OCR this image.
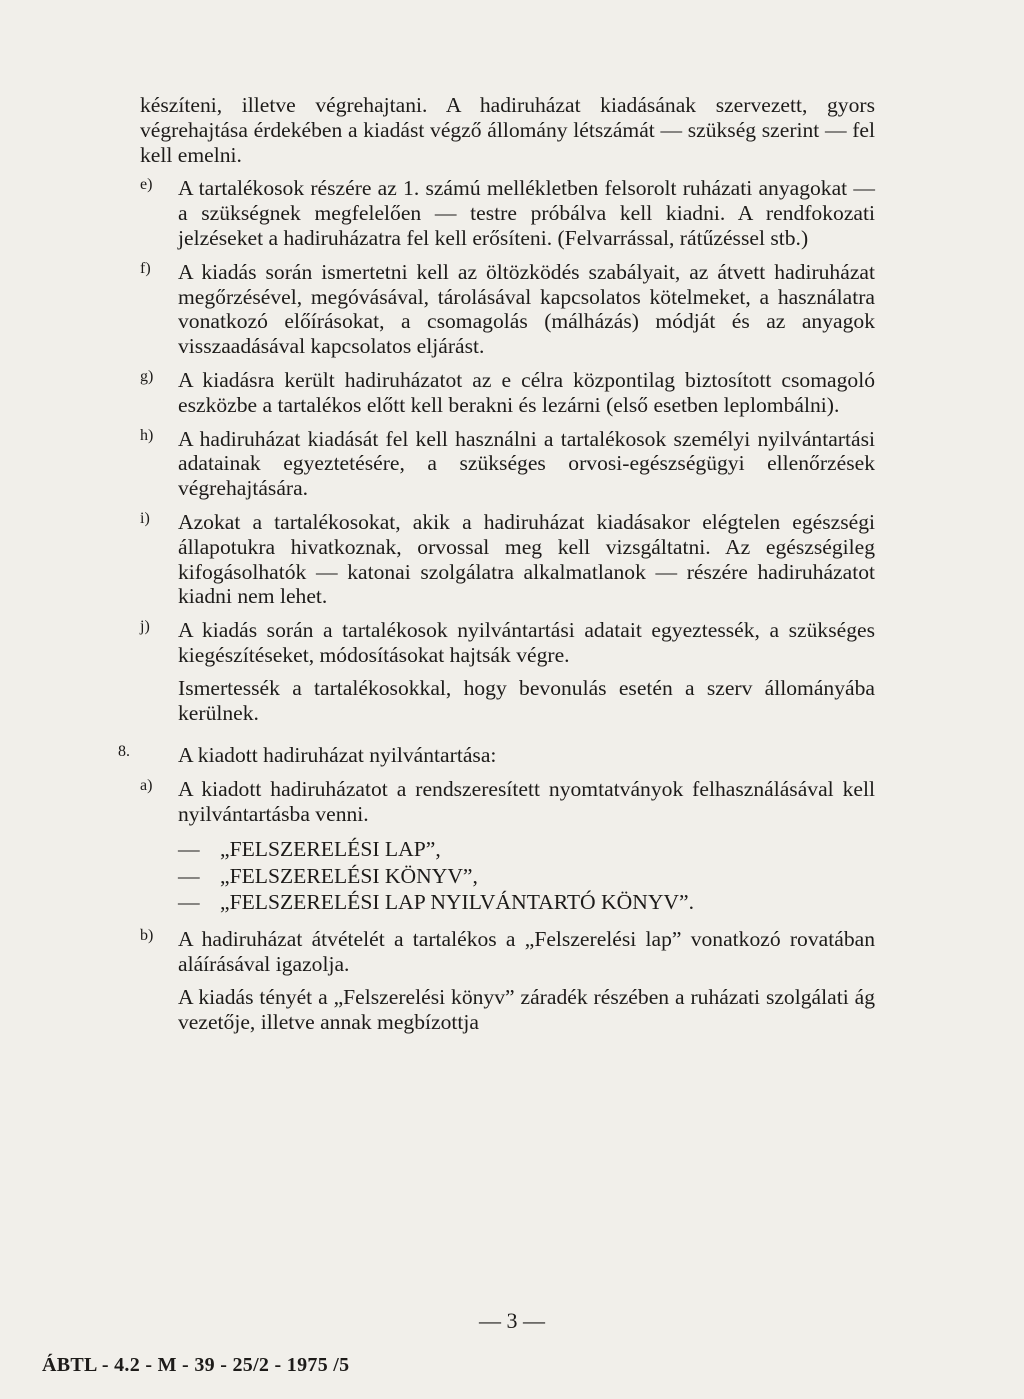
készíteni, illetve végrehajtani. A hadiruházat kiadásának szervezett, gyors végrehajtása érdekében a kiadást végző állomány létszámát — szükség szerint — fel kell emelni.

e) A tartalékosok részére az 1. számú mellékletben felsorolt ruházati anyagokat — a szükségnek megfelelően — testre próbálva kell kiadni. A rendfokozati jelzéseket a hadiruházatra fel kell erősíteni. (Felvarrással, rátűzéssel stb.)

f) A kiadás során ismertetni kell az öltözködés szabályait, az átvett hadiruházat megőrzésével, megóvásával, tárolásával kapcsolatos kötelmeket, a használatra vonatkozó előírásokat, a csomagolás (málházás) módját és az anyagok visszaadásával kapcsolatos eljárást.

g) A kiadásra került hadiruházatot az e célra központilag biztosított csomagoló eszközbe a tartalékos előtt kell berakni és lezárni (első esetben leplombálni).

h) A hadiruházat kiadását fel kell használni a tartalékosok személyi nyilvántartási adatainak egyeztetésére, a szükséges orvosi-egészségügyi ellenőrzések végrehajtására.

i) Azokat a tartalékosokat, akik a hadiruházat kiadásakor elégtelen egészségi állapotukra hivatkoznak, orvossal meg kell vizsgáltatni. Az egészségileg kifogásolhatók — katonai szolgálatra alkalmatlanok — részére hadiruházatot kiadni nem lehet.

j) A kiadás során a tartalékosok nyilvántartási adatait egyeztessék, a szükséges kiegészítéseket, módosításokat hajtsák végre.

Ismertessék a tartalékosokkal, hogy bevonulás esetén a szerv állományába kerülnek.

8. A kiadott hadiruházat nyilvántartása:

a) A kiadott hadiruházatot a rendszeresített nyomtatványok felhasználásával kell nyilvántartásba venni.

— „FELSZERELÉSI LAP”,
— „FELSZERELÉSI KÖNYV”,
— „FELSZERELÉSI LAP NYILVÁNTARTÓ KÖNYV”.
b) A hadiruházat átvételét a tartalékos a „Felszerelési lap” vonatkozó rovatában aláírásával igazolja.

A kiadás tényét a „Felszerelési könyv” záradék részében a ruházati szolgálati ág vezetője, illetve annak megbízottja

— 3 —
ÁBTL - 4.2 - M - 39 - 25/2 - 1975 /5
